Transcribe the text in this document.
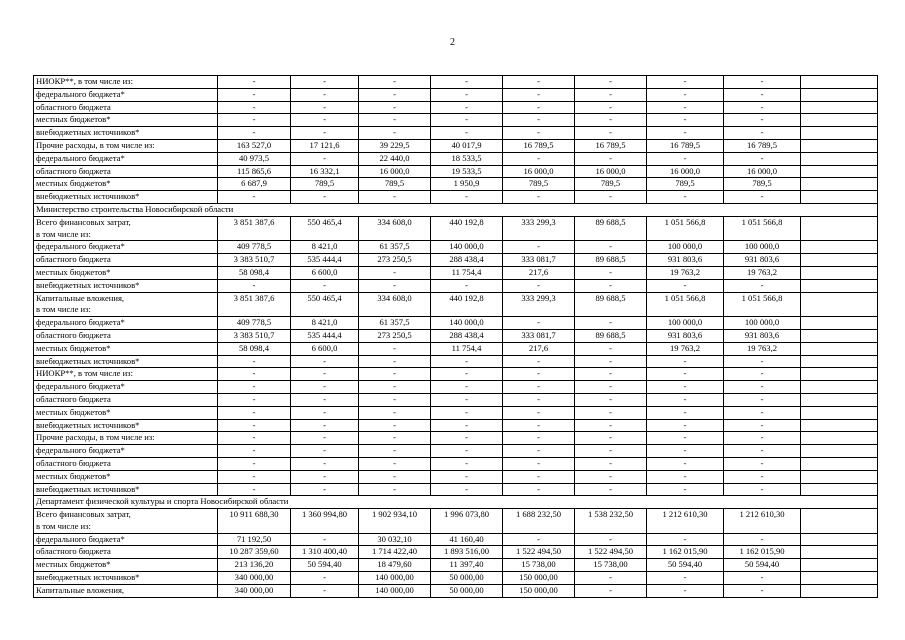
2
НИОКР**, в том числе из:	-	-	-	-	-	-	-	-	
федерального бюджета*	-	-	-	-	-	-	-	-	
областного бюджета	-	-	-	-	-	-	-	-	
местных бюджетов*	-	-	-	-	-	-	-	-	
внебюджетных источников*	-	-	-	-	-	-	-	-	
Прочие расходы, в том числе из:	163 527,0	17 121,6	39 229,5	40 017,9	16 789,5	16 789,5	16 789,5	16 789,5	
федерального бюджета*	40 973,5	-	22 440,0	18 533,5	-	-	-	-	
областного бюджета	115 865,6	16 332,1	16 000,0	19 533,5	16 000,0	16 000,0	16 000,0	16 000,0	
местных бюджетов*	6 687,9	789,5	789,5	1 950,9	789,5	789,5	789,5	789,5	
внебюджетных источников*	-	-	-	-	-	-	-	-	
Министерство строительства Новосибирской области									
Всего финансовых затрат,
в том числе из:	3 851 387,6	550 465,4	334 608,0	440 192,8	333 299,3	89 688,5	1 051 566,8	1 051 566,8	
федерального бюджета*	409 778,5	8 421,0	61 357,5	140 000,0	-	-	100 000,0	100 000,0	
областного бюджета	3 383 510,7	535 444,4	273 250,5	288 438,4	333 081,7	89 688,5	931 803,6	931 803,6	
местных бюджетов*	58 098,4	6 600,0	-	11 754,4	217,6	-	19 763,2	19 763,2	
внебюджетных источников*	-	-	-	-	-	-	-	-	
Капитальные вложения,
в том числе из:	3 851 387,6	550 465,4	334 608,0	440 192,8	333 299,3	89 688,5	1 051 566,8	1 051 566,8	
федерального бюджета*	409 778,5	8 421,0	61 357,5	140 000,0	-	-	100 000,0	100 000,0	
областного бюджета	3 383 510,7	535 444,4	273 250,5	288 438,4	333 081,7	89 688,5	931 803,6	931 803,6	
местных бюджетов*	58 098,4	6 600,0	-	11 754,4	217,6	-	19 763,2	19 763,2	
внебюджетных источников*	-	-	-	-	-	-	-	-	
НИОКР**, в том числе из:	-	-	-	-	-	-	-	-	
федерального бюджета*	-	-	-	-	-	-	-	-	
областного бюджета	-	-	-	-	-	-	-	-	
местных бюджетов*	-	-	-	-	-	-	-	-	
внебюджетных источников*	-	-	-	-	-	-	-	-	
Прочие расходы, в том числе из:	-	-	-	-	-	-	-	-	
федерального бюджета*	-	-	-	-	-	-	-	-	
областного бюджета	-	-	-	-	-	-	-	-	
местных бюджетов*	-	-	-	-	-	-	-	-	
внебюджетных источников*	-	-	-	-	-	-	-	-	
Департамент физической культуры и спорта Новосибирской области									
Всего финансовых затрат,
в том числе из:	10 911 688,30	1 360 994,80	1 902 934,10	1 996 073,80	1 688 232,50	1 538 232,50	1 212 610,30	1 212 610,30	
федерального бюджета*	71 192,50	-	30 032,10	41 160,40	-	-	-	-	
областного бюджета	10 287 359,60	1 310 400,40	1 714 422,40	1 893 516,00	1 522 494,50	1 522 494,50	1 162 015,90	1 162 015,90	
местных бюджетов*	213 136,20	50 594,40	18 479,60	11 397,40	15 738,00	15 738,00	50 594,40	50 594,40	
внебюджетных источников*	340 000,00	-	140 000,00	50 000,00	150 000,00	-	-	-	
Капитальные вложения,	340 000,00	-	140 000,00	50 000,00	150 000,00	-	-	-	
